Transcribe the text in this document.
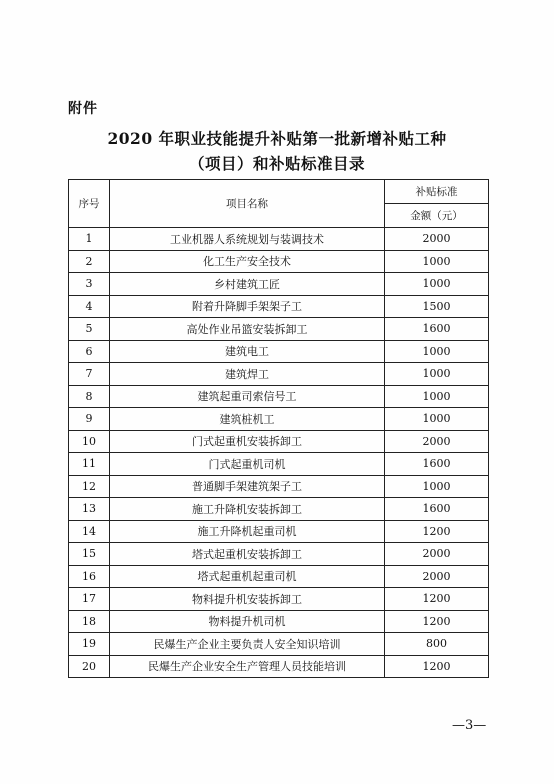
附件
2020 年职业技能提升补贴第一批新增补贴工种
（项目）和补贴标准目录
序号	项目名称	补贴标准
		金额（元）
1	工业机器人系统规划与装调技术	2000
2	化工生产安全技术	1000
3	乡村建筑工匠	1000
4	附着升降脚手架架子工	1500
5	高处作业吊篮安装拆卸工	1600
6	建筑电工	1000
7	建筑焊工	1000
8	建筑起重司索信号工	1000
9	建筑桩机工	1000
10	门式起重机安装拆卸工	2000
11	门式起重机司机	1600
12	普通脚手架建筑架子工	1000
13	施工升降机安装拆卸工	1600
14	施工升降机起重司机	1200
15	塔式起重机安装拆卸工	2000
16	塔式起重机起重司机	2000
17	物料提升机安装拆卸工	1200
18	物料提升机司机	1200
19	民爆生产企业主要负责人安全知识培训	800
20	民爆生产企业安全生产管理人员技能培训	1200
—3—
